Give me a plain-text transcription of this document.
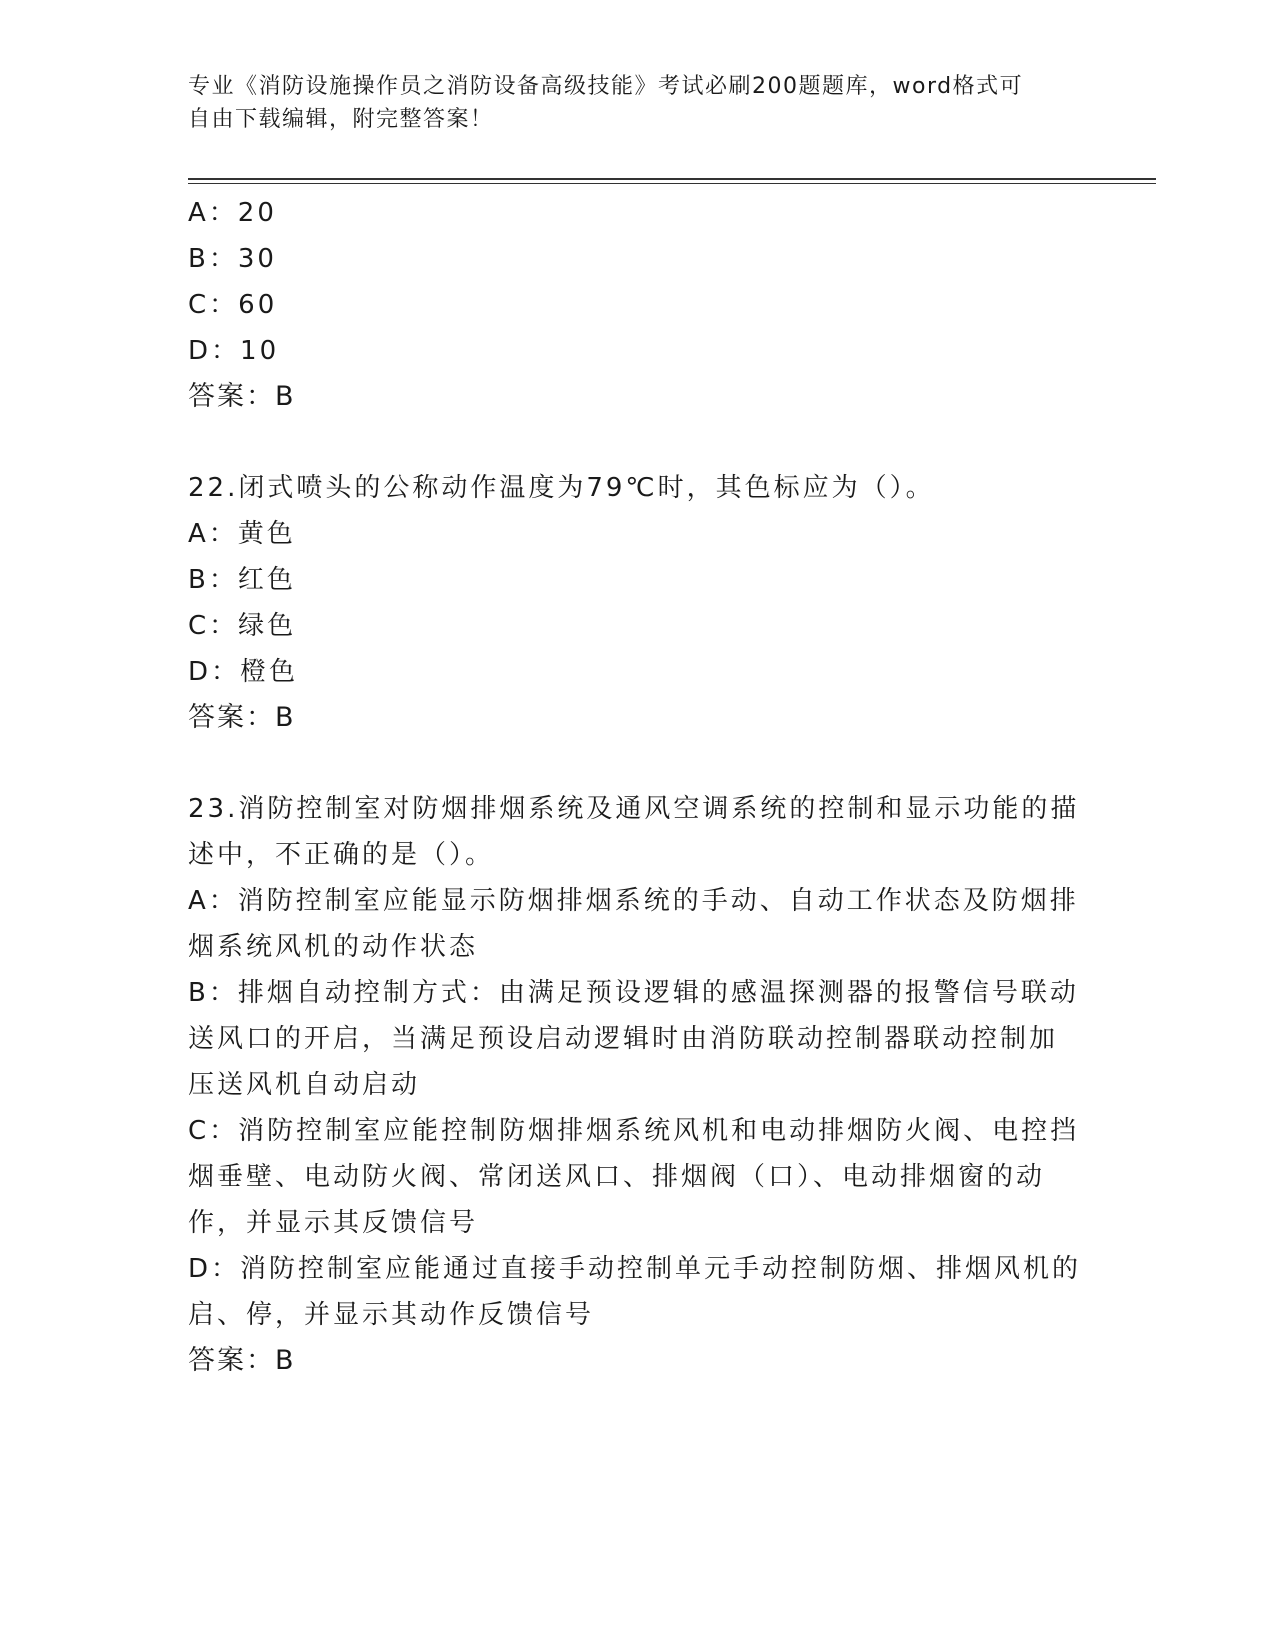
专业《消防设施操作员之消防设备高级技能》考试必刷200题题库，word格式可
自由下载编辑，附完整答案！
A：20
B：30
C：60
D：10
答案：B
22.闭式喷头的公称动作温度为79℃时，其色标应为（）。
A：黄色
B：红色
C：绿色
D：橙色
答案：B
23.消防控制室对防烟排烟系统及通风空调系统的控制和显示功能的描
述中，不正确的是（）。
A：消防控制室应能显示防烟排烟系统的手动、自动工作状态及防烟排
烟系统风机的动作状态
B：排烟自动控制方式：由满足预设逻辑的感温探测器的报警信号联动
送风口的开启，当满足预设启动逻辑时由消防联动控制器联动控制加
压送风机自动启动
C：消防控制室应能控制防烟排烟系统风机和电动排烟防火阀、电控挡
烟垂壁、电动防火阀、常闭送风口、排烟阀（口）、电动排烟窗的动
作，并显示其反馈信号
D：消防控制室应能通过直接手动控制单元手动控制防烟、排烟风机的
启、停，并显示其动作反馈信号
答案：B
